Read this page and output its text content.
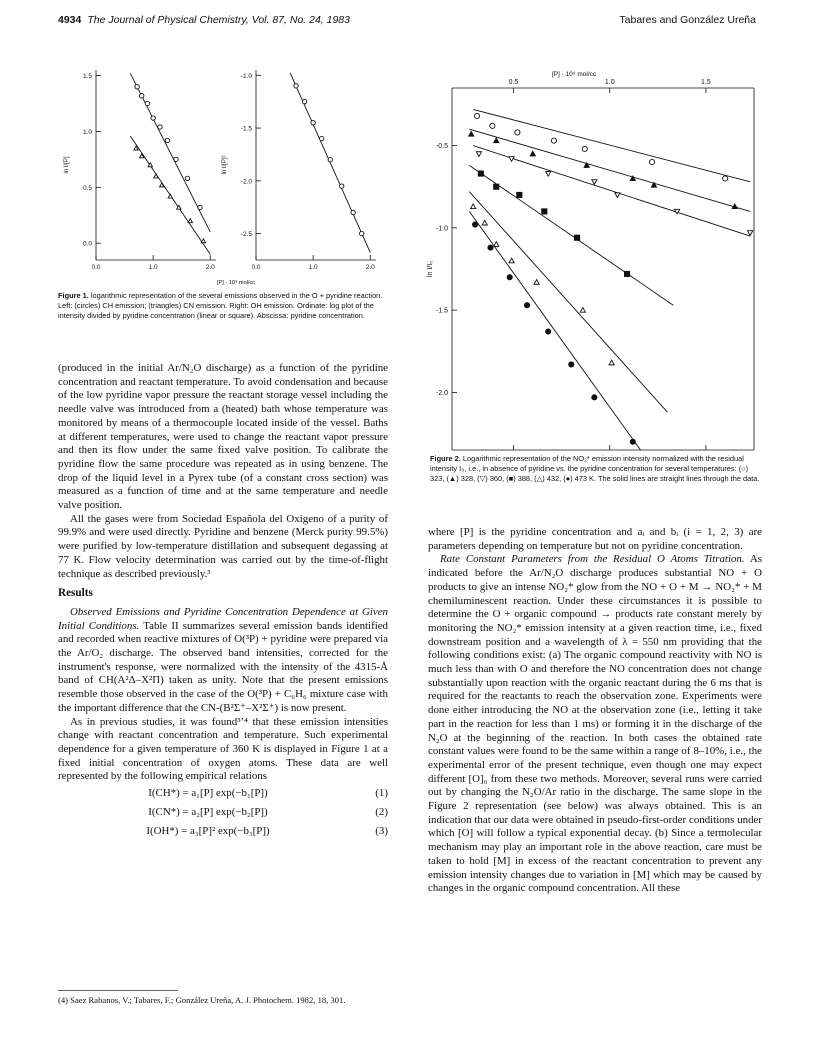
4934 The Journal of Physical Chemistry, Vol. 87, No. 24, 1983	Tabares and González Ureña
0.0
0.5
1.0
1.5
0.0	1.0	2.0
ln I/[P]
-1.0
-1.5
-2.0
-2.5
0.0	1.0	2.0
ln I/[P]²
[P] · 10⁹ mol/cc
Figure 1. logarithmic representation of the several emissions observed in the O + pyridine reaction. Left: (circles) CH emission; (triangles) CN emission. Right: OH emission. Ordinate: log plot of the intensity divided by pyridine concentration (linear or square). Abscissa: pyridine concentration.
[P] · 10⁹ mol/cc
-0.5
-1.0
-1.5
-2.0
0.5	1.0	1.5
ln I/I₀
Figure 2. Logarithmic representation of the NO₂* emission intensity normalized with the residual intensity I₀, i.e., in absence of pyridine vs. the pyridine concentration for several temperatures: (○) 323, (▲) 328, (▽) 360, (■) 388, (△) 432, (●) 473 K. The solid lines are straight lines through the data.

(produced in the initial Ar/N₂O discharge) as a function of the pyridine concentration and reactant temperature. To avoid condensation and because of the low pyridine vapor pressure the reactant storage vessel including the needle valve was introduced from a (heated) bath whose temperature was monitored by means of a thermocouple located inside of the vessel. Baths at different temperatures, were used to change the reactant vapor pressure and then its flow under the same fixed valve position. To calibrate the pyridine flow the same procedure was repeated as in using benzene. The drop of the liquid level in a Pyrex tube (of a constant cross section) was measured as a function of time and at the same temperature and needle valve position.

All the gases were from Sociedad Española del Oxigeno of a purity of 99.9% and were used directly. Pyridine and benzene (Merck purity 99.5%) were purified by low-temperature distillation and subsequent degassing at 77 K. Flow velocity determination was carried out by the time-of-flight technique as described previously.³

Results

Observed Emissions and Pyridine Concentration Dependence at Given Initial Conditions. Table II summarizes several emission bands identified and recorded when reactive mixtures of O(³P) + pyridine were prepared via the Ar/O₂ discharge. The observed band intensities, corrected for the instrument's response, were normalized with the intensity of the 4315-Å band of CH(A²Δ–X²Π) taken as unity. Note that the present emissions resemble those observed in the case of the O(³P) + C₆H₆ mixture case with the important difference that the CN-(B²Σ⁺–X²Σ⁺) is now present.

As in previous studies, it was found³ʼ⁴ that these emission intensities change with reactant concentration and temperature. Such experimental dependence for a given temperature of 360 K is displayed in Figure 1 at a fixed initial concentration of oxygen atoms. These data are well represented by the following empirical relations

I(CH*) = a₁[P] exp(−b₁[P])	(1)
I(CN*) = a₂[P] exp(−b₂[P])	(2)
I(OH*) = a₃[P]² exp(−b₃[P])	(3)
(4) Saez Rabanos, V.; Tabares, F.; González Ureña, A. J. Photochem. 1982, 18, 301.

where [P] is the pyridine concentration and aᵢ and bᵢ (i = 1, 2, 3) are parameters depending on temperature but not on pyridine concentration.

Rate Constant Parameters from the Residual O Atoms Titration. As indicated before the Ar/N₂O discharge produces substantial NO + O products to give an intense NO₂* glow from the NO + O + M → NO₂* + M chemiluminescent reaction. Under these circumstances it is possible to determine the O + organic compound → products rate constant merely by monitoring the NO₂* emission intensity at a given reaction time, i.e., fixed downstream position and a wavelength of λ = 550 nm providing that the following conditions exist: (a) The organic compound reactivity with NO is much less than with O and therefore the NO concentration does not change substantially upon reaction with the organic reactant during the 6 ms that is required for the reactants to reach the observation zone. Experiments were done either introducing the NO at the observation zone (i.e., letting it take part in the reaction for less than 1 ms) or forming it in the discharge of the N₂O at the beginning of the reaction. In both cases the obtained rate constant values were found to be the same within a range of 8–10%, i.e., the experimental error of the present technique, even though one may expect different [O]₀ from these two methods. Moreover, several runs were carried out by changing the N₂O/Ar ratio in the discharge. The same slope in the Figure 2 representation (see below) was always obtained. This is an indication that our data were obtained in pseudo-first-order conditions under which [O] will follow a typical exponential decay. (b) Since a termolecular mechanism may play an important role in the above reaction, care must be taken to hold [M] in excess of the reactant concentration to prevent any emission intensity changes due to variation in [M] which may be caused by changes in the organic compound concentration. All these
